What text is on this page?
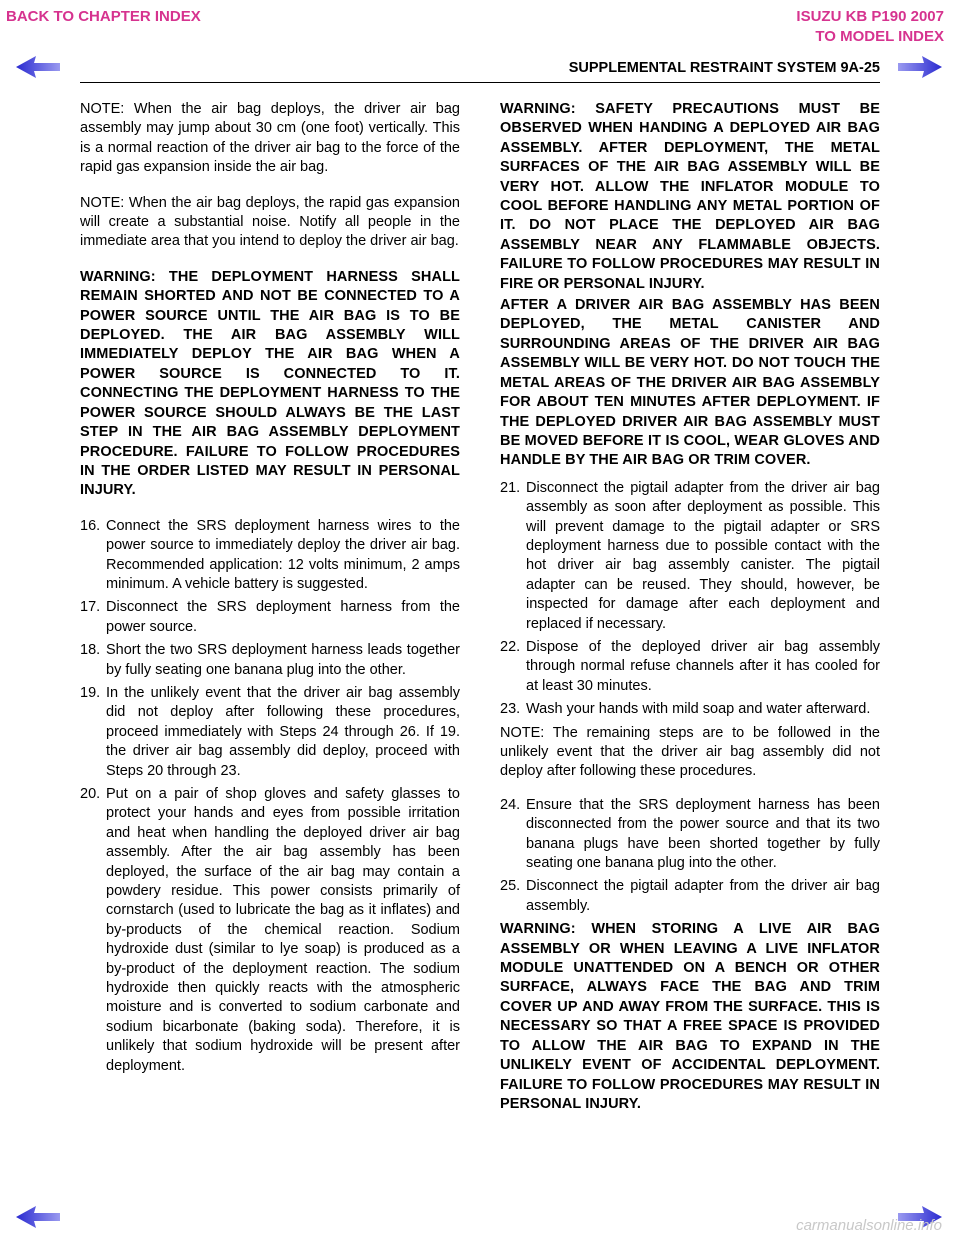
BACK TO CHAPTER INDEX	ISUZU KB P190 2007
TO MODEL INDEX
SUPPLEMENTAL RESTRAINT SYSTEM 9A-25

NOTE: When the air bag deploys, the driver air bag assembly may jump about 30 cm (one foot) vertically. This is a normal reaction of the driver air bag to the force of the rapid gas expansion inside the air bag.

NOTE: When the air bag deploys, the rapid gas expansion will create a substantial noise. Notify all people in the immediate area that you intend to deploy the driver air bag.

WARNING: THE DEPLOYMENT HARNESS SHALL REMAIN SHORTED AND NOT BE CONNECTED TO A POWER SOURCE UNTIL THE AIR BAG IS TO BE DEPLOYED. THE AIR BAG ASSEMBLY WILL IMMEDIATELY DEPLOY THE AIR BAG WHEN A POWER SOURCE IS CONNECTED TO IT. CONNECTING THE DEPLOYMENT HARNESS TO THE POWER SOURCE SHOULD ALWAYS BE THE LAST STEP IN THE AIR BAG ASSEMBLY DEPLOYMENT PROCEDURE. FAILURE TO FOLLOW PROCEDURES IN THE ORDER LISTED MAY RESULT IN PERSONAL INJURY.

16. Connect the SRS deployment harness wires to the power source to immediately deploy the driver air bag. Recommended application: 12 volts minimum, 2 amps minimum. A vehicle battery is suggested.
17. Disconnect the SRS deployment harness from the power source.
18. Short the two SRS deployment harness leads together by fully seating one banana plug into the other.
19. In the unlikely event that the driver air bag assembly did not deploy after following these procedures, proceed immediately with Steps 24 through 26. If 19. the driver air bag assembly did deploy, proceed with Steps 20 through 23.
20. Put on a pair of shop gloves and safety glasses to protect your hands and eyes from possible irritation and heat when handling the deployed driver air bag assembly. After the air bag assembly has been deployed, the surface of the air bag may contain a powdery residue. This power consists primarily of cornstarch (used to lubricate the bag as it inflates) and by-products of the chemical reaction. Sodium hydroxide dust (similar to lye soap) is produced as a by-product of the deployment reaction. The sodium hydroxide then quickly reacts with the atmospheric moisture and is converted to sodium carbonate and sodium bicarbonate (baking soda). Therefore, it is unlikely that sodium hydroxide will be present after deployment.

WARNING: SAFETY PRECAUTIONS MUST BE OBSERVED WHEN HANDING A DEPLOYED AIR BAG ASSEMBLY. AFTER DEPLOYMENT, THE METAL SURFACES OF THE AIR BAG ASSEMBLY WILL BE VERY HOT. ALLOW THE INFLATOR MODULE TO COOL BEFORE HANDLING ANY METAL PORTION OF IT. DO NOT PLACE THE DEPLOYED AIR BAG ASSEMBLY NEAR ANY FLAMMABLE OBJECTS. FAILURE TO FOLLOW PROCEDURES MAY RESULT IN FIRE OR PERSONAL INJURY.

AFTER A DRIVER AIR BAG ASSEMBLY HAS BEEN DEPLOYED, THE METAL CANISTER AND SURROUNDING AREAS OF THE DRIVER AIR BAG ASSEMBLY WILL BE VERY HOT. DO NOT TOUCH THE METAL AREAS OF THE DRIVER AIR BAG ASSEMBLY FOR ABOUT TEN MINUTES AFTER DEPLOYMENT. IF THE DEPLOYED DRIVER AIR BAG ASSEMBLY MUST BE MOVED BEFORE IT IS COOL, WEAR GLOVES AND HANDLE BY THE AIR BAG OR TRIM COVER.

21. Disconnect the pigtail adapter from the driver air bag assembly as soon after deployment as possible. This will prevent damage to the pigtail adapter or SRS deployment harness due to possible contact with the hot driver air bag assembly canister. The pigtail adapter can be reused. They should, however, be inspected for damage after each deployment and replaced if necessary.
22. Dispose of the deployed driver air bag assembly through normal refuse channels after it has cooled for at least 30 minutes.
23. Wash your hands with mild soap and water afterward.

NOTE: The remaining steps are to be followed in the unlikely event that the driver air bag assembly did not deploy after following these procedures.

24. Ensure that the SRS deployment harness has been disconnected from the power source and that its two banana plugs have been shorted together by fully seating one banana plug into the other.
25. Disconnect the pigtail adapter from the driver air bag assembly.

WARNING: WHEN STORING A LIVE AIR BAG ASSEMBLY OR WHEN LEAVING A LIVE INFLATOR MODULE UNATTENDED ON A BENCH OR OTHER SURFACE, ALWAYS FACE THE BAG AND TRIM COVER UP AND AWAY FROM THE SURFACE. THIS IS NECESSARY SO THAT A FREE SPACE IS PROVIDED TO ALLOW THE AIR BAG TO EXPAND IN THE UNLIKELY EVENT OF ACCIDENTAL DEPLOYMENT. FAILURE TO FOLLOW PROCEDURES MAY RESULT IN PERSONAL INJURY.

carmanualsonline.info
